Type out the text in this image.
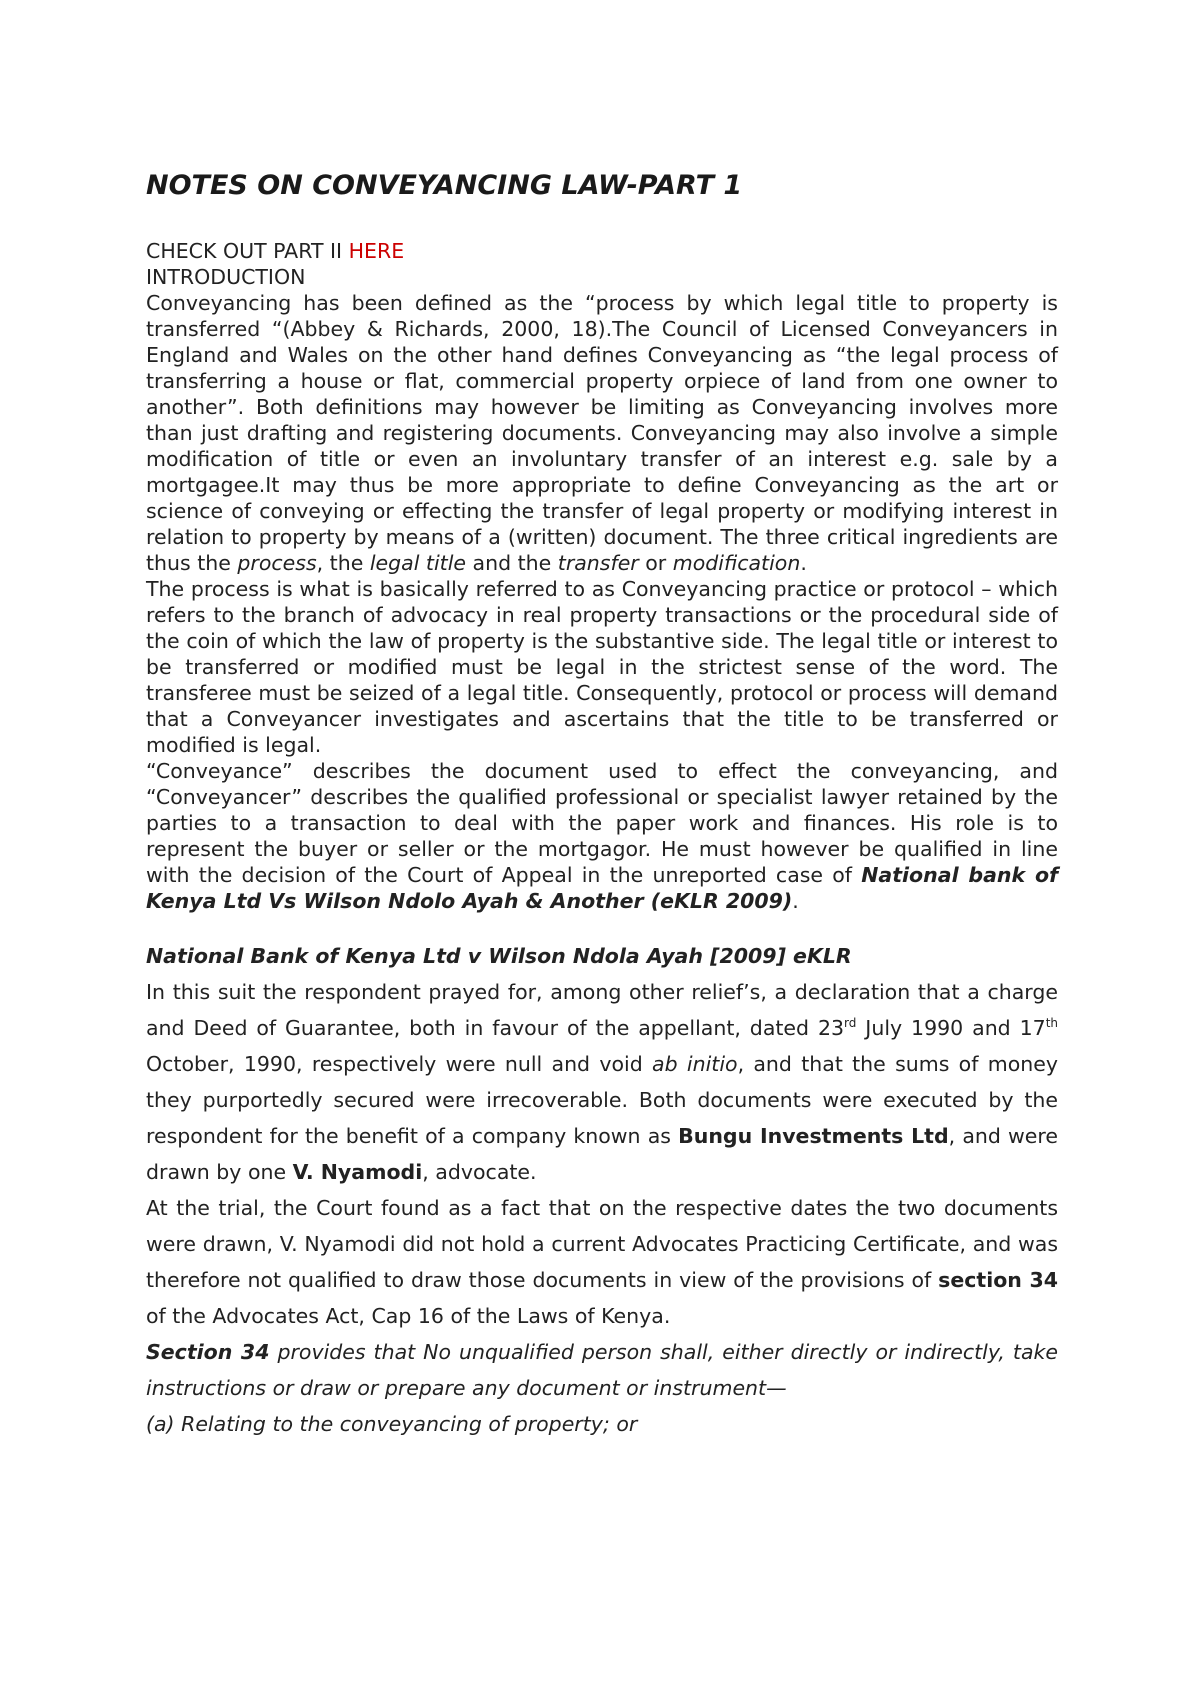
NOTES ON CONVEYANCING LAW-PART 1

CHECK OUT PART II HERE

INTRODUCTION

Conveyancing has been defined as the “process by which legal title to property is transferred “(Abbey & Richards, 2000, 18).The Council of Licensed Conveyancers in England and Wales on the other hand defines Conveyancing as “the legal process of transferring a house or flat, commercial property orpiece of land from one owner to another”. Both definitions may however be limiting as Conveyancing involves more than just drafting and registering documents. Conveyancing may also involve a simple modification of title or even an involuntary transfer of an interest e.g. sale by a mortgagee.It may thus be more appropriate to define Conveyancing as the art or science of conveying or effecting the transfer of legal property or modifying interest in relation to property by means of a (written) document. The three critical ingredients are thus the process, the legal title and the transfer or modification.

The process is what is basically referred to as Conveyancing practice or protocol – which refers to the branch of advocacy in real property transactions or the procedural side of the coin of which the law of property is the substantive side. The legal title or interest to be transferred or modified must be legal in the strictest sense of the word. The transferee must be seized of a legal title. Consequently, protocol or process will demand that a Conveyancer investigates and ascertains that the title to be transferred or modified is legal.

“Conveyance” describes the document used to effect the conveyancing, and “Conveyancer” describes the qualified professional or specialist lawyer retained by the parties to a transaction to deal with the paper work and finances. His role is to represent the buyer or seller or the mortgagor. He must however be qualified in line with the decision of the Court of Appeal in the unreported case of National bank of Kenya Ltd Vs Wilson Ndolo Ayah & Another (eKLR 2009).

National Bank of Kenya Ltd v Wilson Ndola Ayah [2009] eKLR

In this suit the respondent prayed for, among other relief’s, a declaration that a charge and Deed of Guarantee, both in favour of the appellant, dated 23rd July 1990 and 17th October, 1990, respectively were null and void ab initio, and that the sums of money they purportedly secured were irrecoverable. Both documents were executed by the respondent for the benefit of a company known as Bungu Investments Ltd, and were drawn by one V. Nyamodi, advocate.

At the trial, the Court found as a fact that on the respective dates the two documents were drawn, V. Nyamodi did not hold a current Advocates Practicing Certificate, and was therefore not qualified to draw those documents in view of the provisions of section 34 of the Advocates Act, Cap 16 of the Laws of Kenya.

Section 34 provides that No unqualified person shall, either directly or indirectly, take instructions or draw or prepare any document or instrument—

(a) Relating to the conveyancing of property; or
